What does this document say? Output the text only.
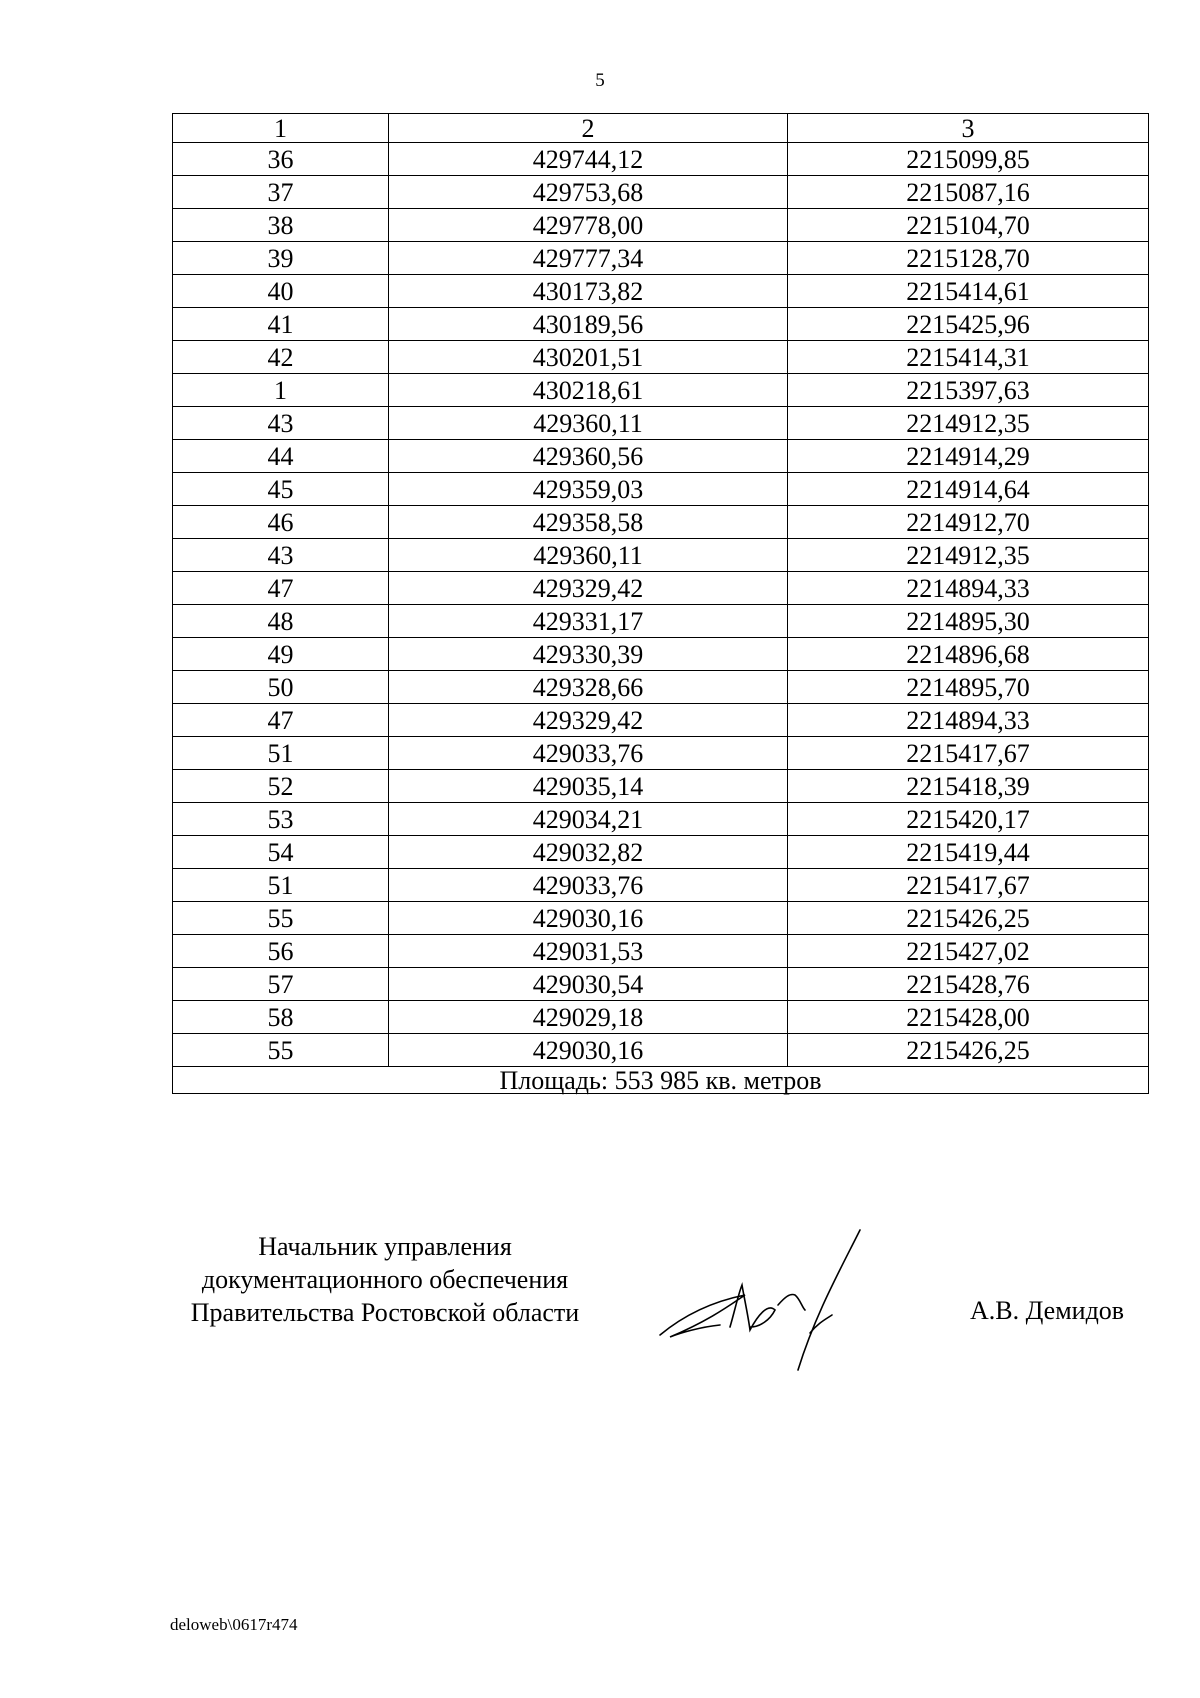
5
1	2	3
36	429744,12	2215099,85
37	429753,68	2215087,16
38	429778,00	2215104,70
39	429777,34	2215128,70
40	430173,82	2215414,61
41	430189,56	2215425,96
42	430201,51	2215414,31
1	430218,61	2215397,63
43	429360,11	2214912,35
44	429360,56	2214914,29
45	429359,03	2214914,64
46	429358,58	2214912,70
43	429360,11	2214912,35
47	429329,42	2214894,33
48	429331,17	2214895,30
49	429330,39	2214896,68
50	429328,66	2214895,70
47	429329,42	2214894,33
51	429033,76	2215417,67
52	429035,14	2215418,39
53	429034,21	2215420,17
54	429032,82	2215419,44
51	429033,76	2215417,67
55	429030,16	2215426,25
56	429031,53	2215427,02
57	429030,54	2215428,76
58	429029,18	2215428,00
55	429030,16	2215426,25
Площадь: 553 985 кв. метров		
Начальник управления
документационного обеспечения
Правительства Ростовской области	А.В. Демидов
deloweb\0617r474
